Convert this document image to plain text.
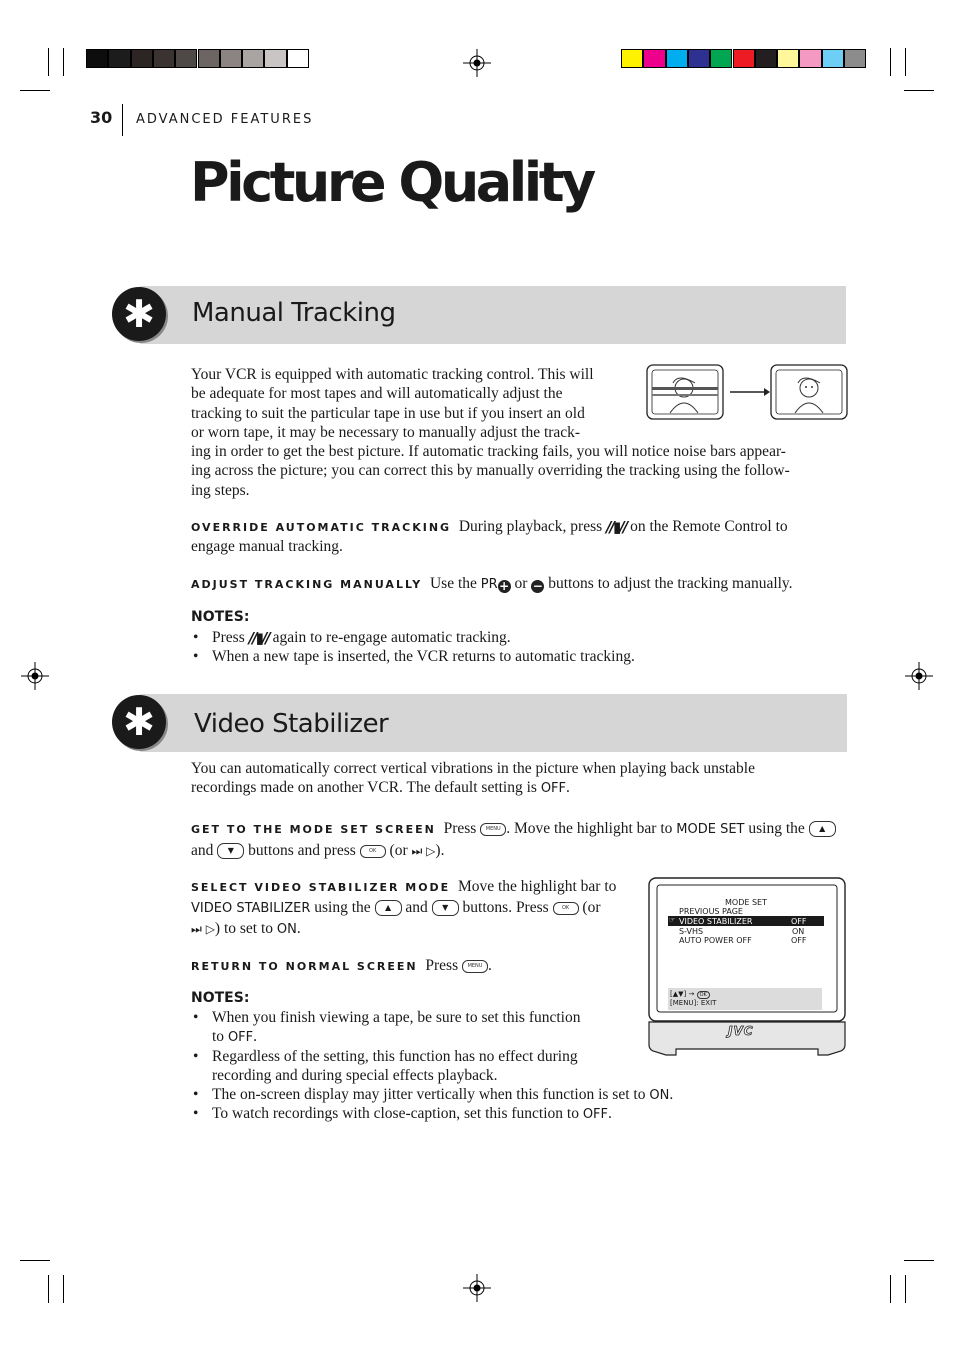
30 ADVANCED FEATURES
Picture Quality
Manual Tracking
✱
Your VCR is equipped with automatic tracking control. This will
be adequate for most tapes and will automatically adjust the
tracking to suit the particular tape in use but if you insert an old
or worn tape, it may be necessary to manually adjust the track-
ing in order to get the best picture. If automatic tracking fails, you will notice noise bars appear-
ing across the picture; you can correct this by manually overriding the tracking using the follow-
ing steps.
OVERRIDE AUTOMATIC TRACKING During playback, press //▮// on the Remote Control to
engage manual tracking.
ADJUST TRACKING MANUALLY Use the PR+ or − buttons to adjust the tracking manually.
NOTES:
• Press //▮// again to re-engage automatic tracking.
• When a new tape is inserted, the VCR returns to automatic tracking.
Video Stabilizer
✱
You can automatically correct vertical vibrations in the picture when playing back unstable
recordings made on another VCR. The default setting is OFF.
GET TO THE MODE SET SCREEN Press MENU . Move the highlight bar to MODE SET using the ▲
and ▼ buttons and press	OK (or ⏭ ▷).
SELECT VIDEO STABILIZER MODE Move the highlight bar to
VIDEO STABILIZER using the ▲ and ▼ buttons. Press	OK (or
⏭ ▷) to set to ON.
RETURN TO NORMAL SCREEN Press MENU .
NOTES:
• When you finish viewing a tape, be sure to set this function
to OFF.
• Regardless of the setting, this function has no effect during
recording and during special effects playback.
• The on-screen display may jitter vertically when this function is set to ON.
• To watch recordings with close-caption, set this function to OFF.
MODE SET
PREVIOUS PAGE
☞ VIDEO STABILIZER	OFF
S-VHS	ON
AUTO POWER OFF	OFF
[▲▼] → OK
[MENU]: EXIT
JVC
